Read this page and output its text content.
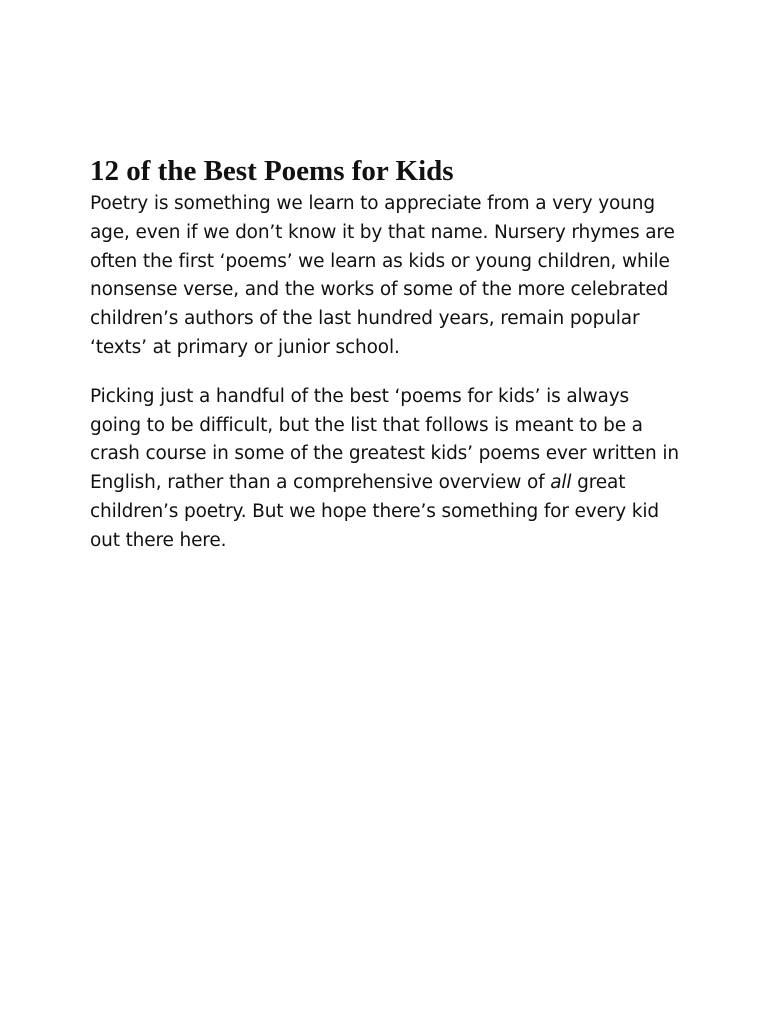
12 of the Best Poems for Kids

Poetry is something we learn to appreciate from a very young
age, even if we don’t know it by that name. Nursery rhymes are
often the first ‘poems’ we learn as kids or young children, while
nonsense verse, and the works of some of the more celebrated
children’s authors of the last hundred years, remain popular
‘texts’ at primary or junior school.

Picking just a handful of the best ‘poems for kids’ is always
going to be difficult, but the list that follows is meant to be a
crash course in some of the greatest kids’ poems ever written in
English, rather than a comprehensive overview of all great
children’s poetry. But we hope there’s something for every kid
out there here.
